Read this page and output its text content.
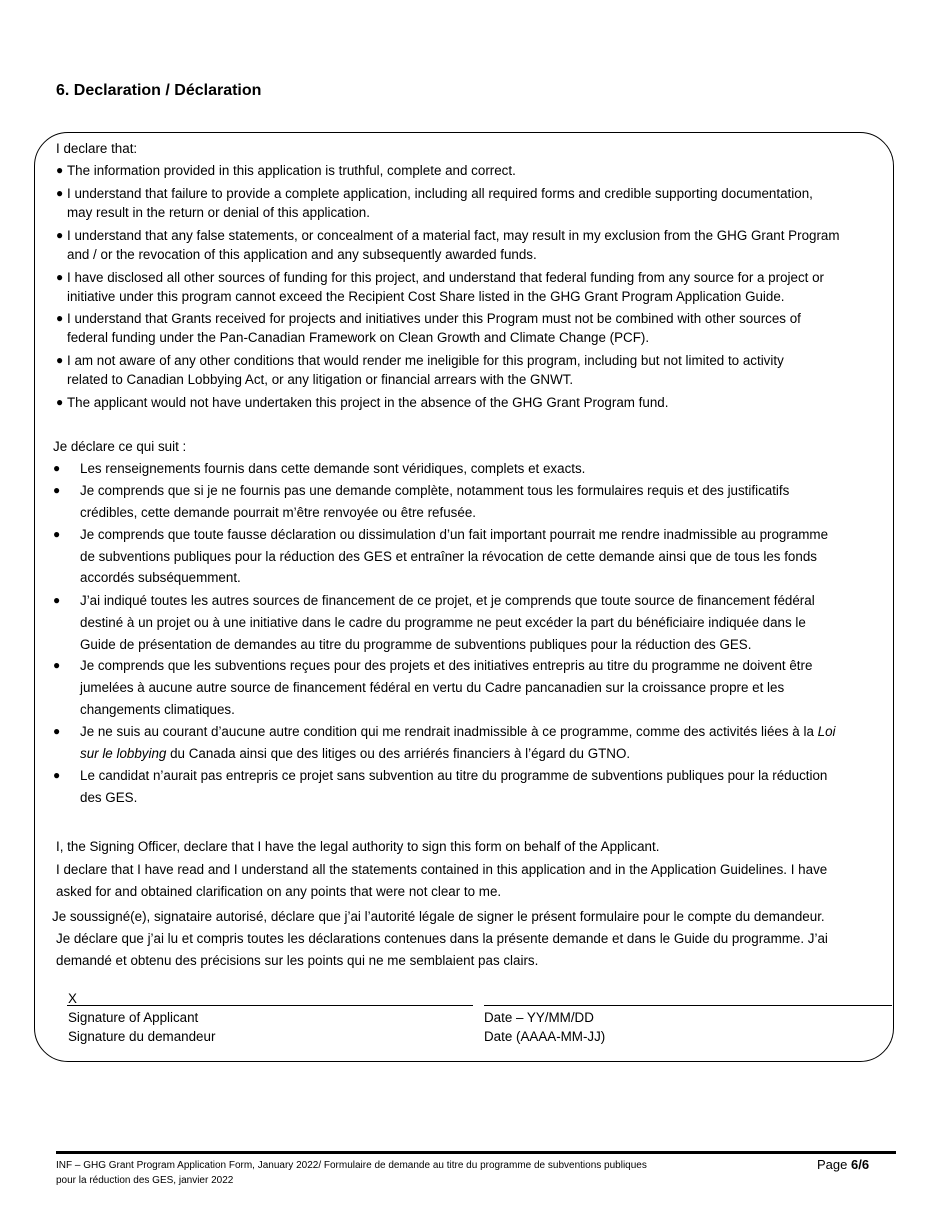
6. Declaration / Déclaration
I declare that:
● The information provided in this application is truthful, complete and correct.
● I understand that failure to provide a complete application, including all required forms and credible supporting documentation,
may result in the return or denial of this application.
● I understand that any false statements, or concealment of a material fact, may result in my exclusion from the GHG Grant Program
and / or the revocation of this application and any subsequently awarded funds.
● I have disclosed all other sources of funding for this project, and understand that federal funding from any source for a project or
initiative under this program cannot exceed the Recipient Cost Share listed in the GHG Grant Program Application Guide.
● I understand that Grants received for projects and initiatives under this Program must not be combined with other sources of
federal funding under the Pan-Canadian Framework on Clean Growth and Climate Change (PCF).
● I am not aware of any other conditions that would render me ineligible for this program, including but not limited to activity
related to Canadian Lobbying Act, or any litigation or financial arrears with the GNWT.
● The applicant would not have undertaken this project in the absence of the GHG Grant Program fund.
Je déclare ce qui suit :
● Les renseignements fournis dans cette demande sont véridiques, complets et exacts.
● Je comprends que si je ne fournis pas une demande complète, notamment tous les formulaires requis et des justificatifs
crédibles, cette demande pourrait m’être renvoyée ou être refusée.
● Je comprends que toute fausse déclaration ou dissimulation d’un fait important pourrait me rendre inadmissible au programme
de subventions publiques pour la réduction des GES et entraîner la révocation de cette demande ainsi que de tous les fonds
accordés subséquemment.
● J’ai indiqué toutes les autres sources de financement de ce projet, et je comprends que toute source de financement fédéral
destiné à un projet ou à une initiative dans le cadre du programme ne peut excéder la part du bénéficiaire indiquée dans le
Guide de présentation de demandes au titre du programme de subventions publiques pour la réduction des GES.
● Je comprends que les subventions reçues pour des projets et des initiatives entrepris au titre du programme ne doivent être
jumelées à aucune autre source de financement fédéral en vertu du Cadre pancanadien sur la croissance propre et les
changements climatiques.
● Je ne suis au courant d’aucune autre condition qui me rendrait inadmissible à ce programme, comme des activités liées à la Loi
sur le lobbying du Canada ainsi que des litiges ou des arriérés financiers à l’égard du GTNO.
● Le candidat n’aurait pas entrepris ce projet sans subvention au titre du programme de subventions publiques pour la réduction
des GES.
I, the Signing Officer, declare that I have the legal authority to sign this form on behalf of the Applicant.
I declare that I have read and I understand all the statements contained in this application and in the Application Guidelines. I have
asked for and obtained clarification on any points that were not clear to me.
Je soussigné(e), signataire autorisé, déclare que j’ai l’autorité légale de signer le présent formulaire pour le compte du demandeur.
Je déclare que j’ai lu et compris toutes les déclarations contenues dans la présente demande et dans le Guide du programme. J’ai
demandé et obtenu des précisions sur les points qui ne me semblaient pas clairs.
X
Signature of Applicant
Signature du demandeur
Date – YY/MM/DD
Date (AAAA-MM-JJ)
INF – GHG Grant Program Application Form, January 2022/ Formulaire de demande au titre du programme de subventions publiques
pour la réduction des GES, janvier 2022
Page 6/6
